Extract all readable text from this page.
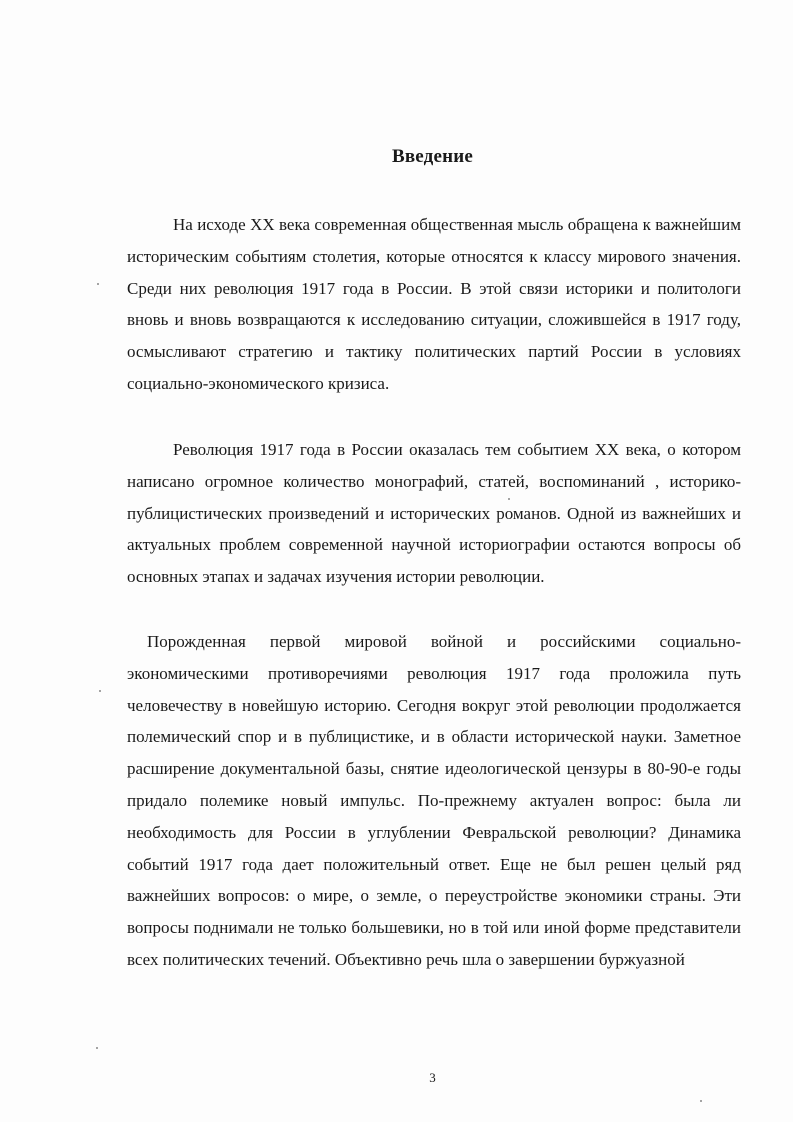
Введение

На исходе XX века современная общественная мысль обращена к важнейшим историческим событиям столетия, которые относятся к классу мирового значения. Среди них революция 1917 года в России. В этой связи историки и политологи вновь и вновь возвращаются к исследованию ситуации, сложившейся в 1917 году, осмысливают стратегию и тактику политических партий России в условиях социально-экономического кризиса.

Революция 1917 года в России оказалась тем событием XX века, о котором написано огромное количество монографий, статей, воспоминаний , историко-публицистических произведений и исторических романов. Одной из важнейших и актуальных проблем современной научной историографии остаются вопросы об основных этапах и задачах изучения истории революции.

Порожденная первой мировой войной и российскими социально-экономическими противоречиями революция 1917 года проложила путь человечеству в новейшую историю. Сегодня вокруг этой революции продолжается полемический спор и в публицистике, и в области исторической науки. Заметное расширение документальной базы, снятие идеологической цензуры в 80-90-е годы придало полемике новый импульс. По-прежнему актуален вопрос: была ли необходимость для России в углублении Февральской революции? Динамика событий 1917 года дает положительный ответ. Еще не был решен целый ряд важнейших вопросов: о мире, о земле, о переустройстве экономики страны. Эти вопросы поднимали не только большевики, но в той или иной форме представители всех политических течений. Объективно речь шла о завершении буржуазной

3
